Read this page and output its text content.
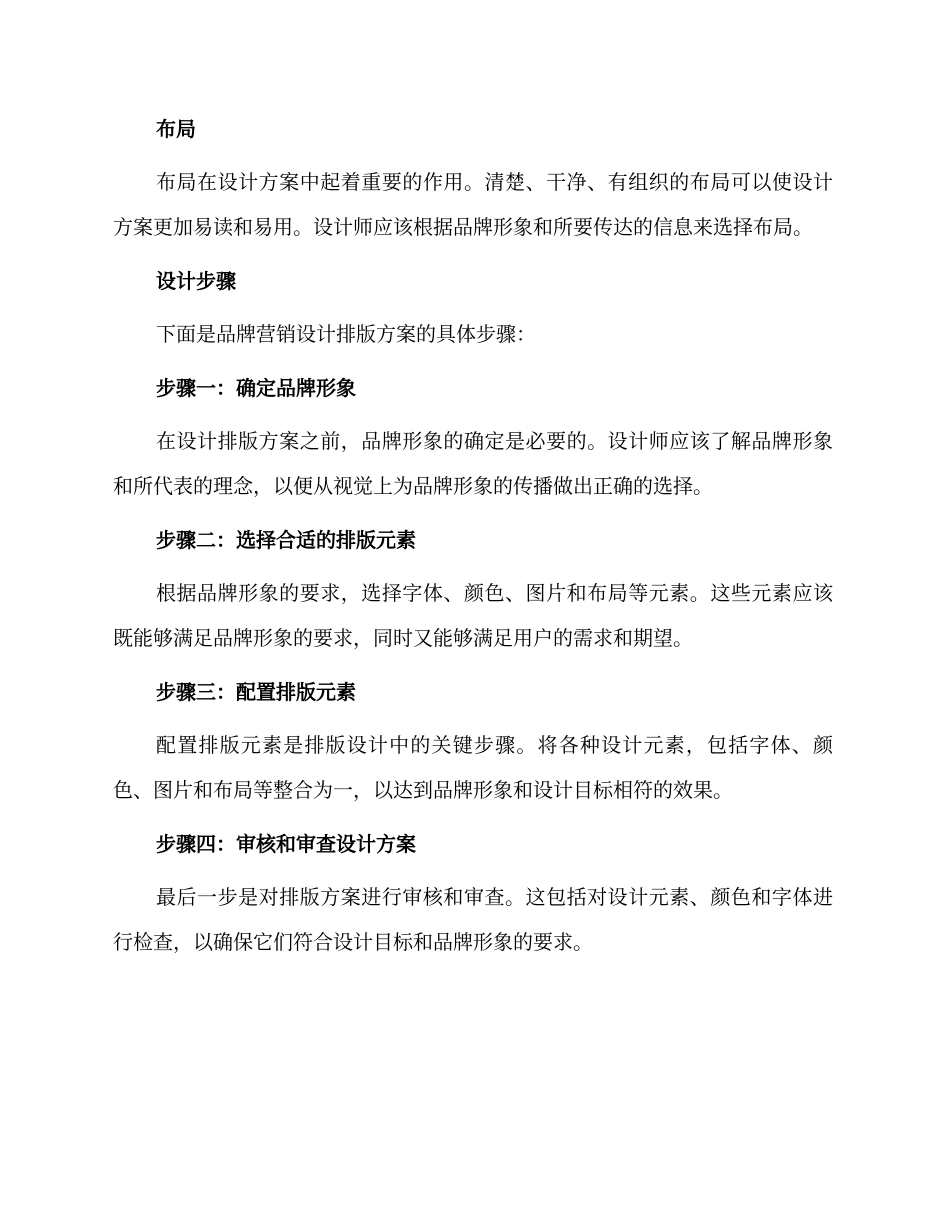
布局

布局在设计方案中起着重要的作用。清楚、干净、有组织的布局可以使设计方案更加易读和易用。设计师应该根据品牌形象和所要传达的信息来选择布局。

设计步骤

下面是品牌营销设计排版方案的具体步骤：

步骤一：确定品牌形象

在设计排版方案之前，品牌形象的确定是必要的。设计师应该了解品牌形象和所代表的理念，以便从视觉上为品牌形象的传播做出正确的选择。

步骤二：选择合适的排版元素

根据品牌形象的要求，选择字体、颜色、图片和布局等元素。这些元素应该既能够满足品牌形象的要求，同时又能够满足用户的需求和期望。

步骤三：配置排版元素

配置排版元素是排版设计中的关键步骤。将各种设计元素，包括字体、颜色、图片和布局等整合为一，以达到品牌形象和设计目标相符的效果。

步骤四：审核和审查设计方案

最后一步是对排版方案进行审核和审查。这包括对设计元素、颜色和字体进行检查，以确保它们符合设计目标和品牌形象的要求。
